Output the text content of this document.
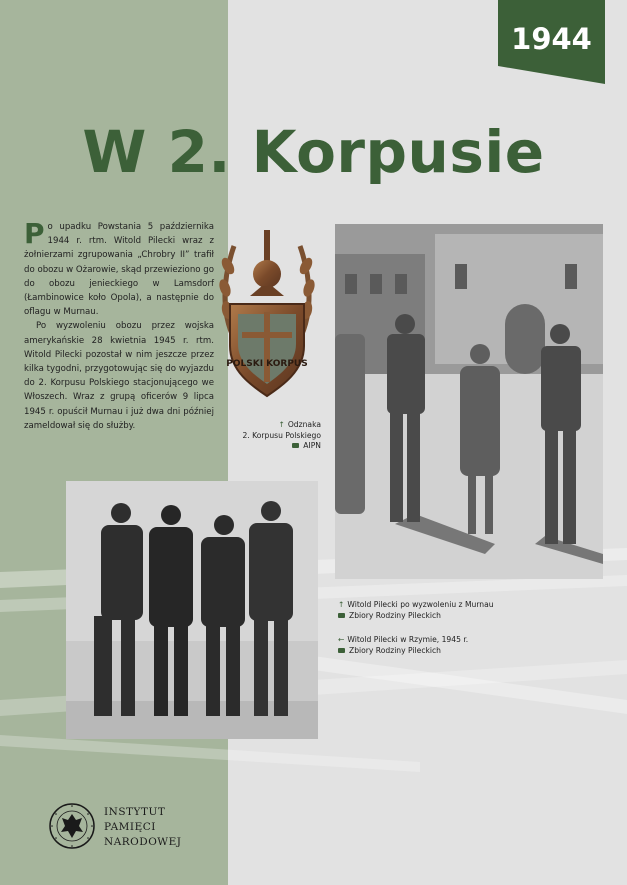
1944
W 2. Korpusie

Po upadku Powstania 5 października 1944 r. rtm. Witold Pilecki wraz z żołnierzami zgrupowania „Chrobry II” trafił do obozu w Ożarowie, skąd przewieziono go do obozu jenieckiego w Lamsdorf (Łambinowice koło Opola), a następnie do oflagu w Murnau.

Po wyzwoleniu obozu przez wojska amerykańskie 28 kwietnia 1945 r. rtm. Witold Pilecki pozostał w nim jeszcze przez kilka tygodni, przygotowując się do wyjazdu do 2. Korpusu Polskiego stacjonującego we Włoszech. Wraz z grupą oficerów 9 lipca 1945 r. opuścił Murnau i już dwa dni później zameldował się do służby.

POLSKI KORPUS
↑ Odznaka
2. Korpusu Polskiego
AIPN
↑ Witold Pilecki po wyzwoleniu z Murnau
Zbiory Rodziny Pileckich
← Witold Pilecki w Rzymie, 1945 r.
Zbiory Rodziny Pileckich
INSTYTUT
PAMIĘCI
NARODOWEJ
